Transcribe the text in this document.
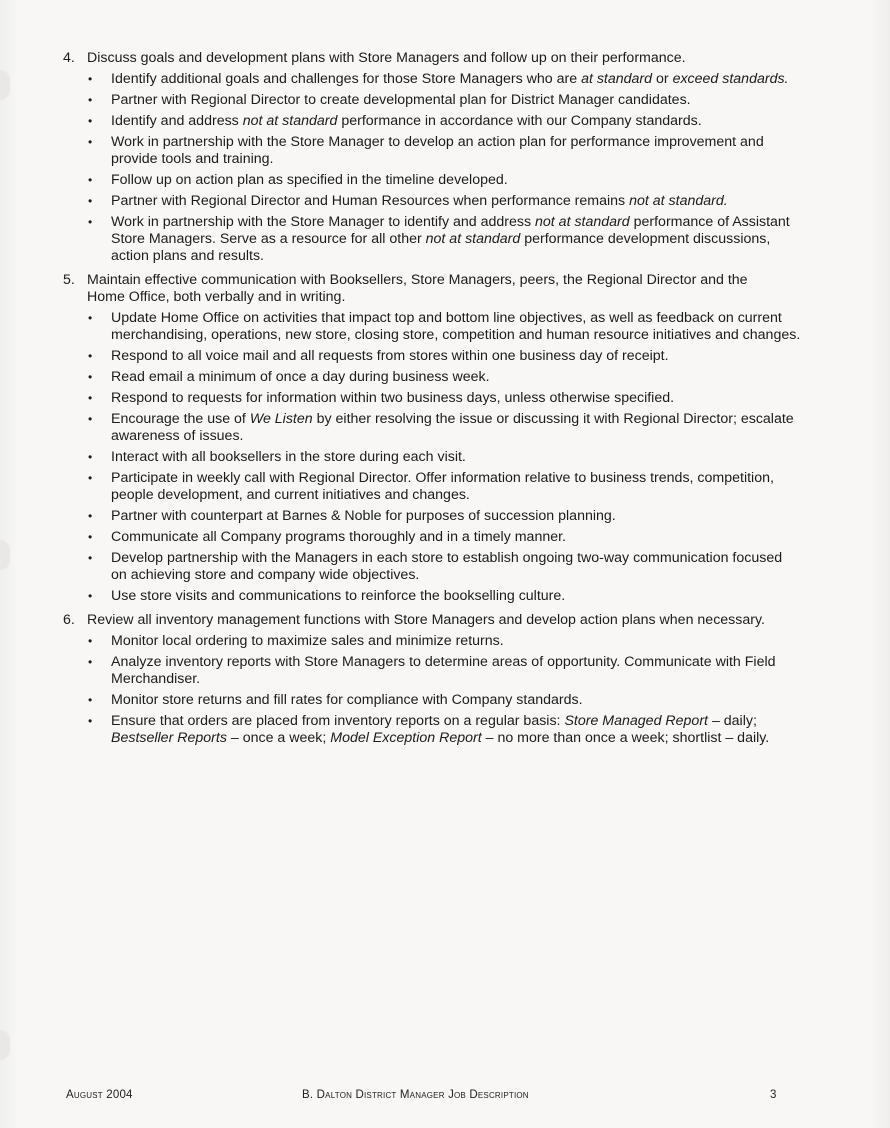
4. Discuss goals and development plans with Store Managers and follow up on their performance.
•	Identify additional goals and challenges for those Store Managers who are at standard or exceed standards.
•	Partner with Regional Director to create developmental plan for District Manager candidates.
•	Identify and address not at standard performance in accordance with our Company standards.
•	Work in partnership with the Store Manager to develop an action plan for performance improvement and provide tools and training.
•	Follow up on action plan as specified in the timeline developed.
•	Partner with Regional Director and Human Resources when performance remains not at standard.
•	Work in partnership with the Store Manager to identify and address not at standard performance of Assistant Store Managers. Serve as a resource for all other not at standard performance development discussions, action plans and results.
5. Maintain effective communication with Booksellers, Store Managers, peers, the Regional Director and the Home Office, both verbally and in writing.
•	Update Home Office on activities that impact top and bottom line objectives, as well as feedback on current merchandising, operations, new store, closing store, competition and human resource initiatives and changes.
•	Respond to all voice mail and all requests from stores within one business day of receipt.
•	Read email a minimum of once a day during business week.
•	Respond to requests for information within two business days, unless otherwise specified.
•	Encourage the use of We Listen by either resolving the issue or discussing it with Regional Director; escalate awareness of issues.
•	Interact with all booksellers in the store during each visit.
•	Participate in weekly call with Regional Director. Offer information relative to business trends, competition, people development, and current initiatives and changes.
•	Partner with counterpart at Barnes & Noble for purposes of succession planning.
•	Communicate all Company programs thoroughly and in a timely manner.
•	Develop partnership with the Managers in each store to establish ongoing two-way communication focused on achieving store and company wide objectives.
•	Use store visits and communications to reinforce the bookselling culture.
6. Review all inventory management functions with Store Managers and develop action plans when necessary.
•	Monitor local ordering to maximize sales and minimize returns.
•	Analyze inventory reports with Store Managers to determine areas of opportunity. Communicate with Field Merchandiser.
•	Monitor store returns and fill rates for compliance with Company standards.
•	Ensure that orders are placed from inventory reports on a regular basis: Store Managed Report – daily; Bestseller Reports – once a week; Model Exception Report – no more than once a week; shortlist – daily.
August 2004	B. Dalton District Manager Job Description	3
